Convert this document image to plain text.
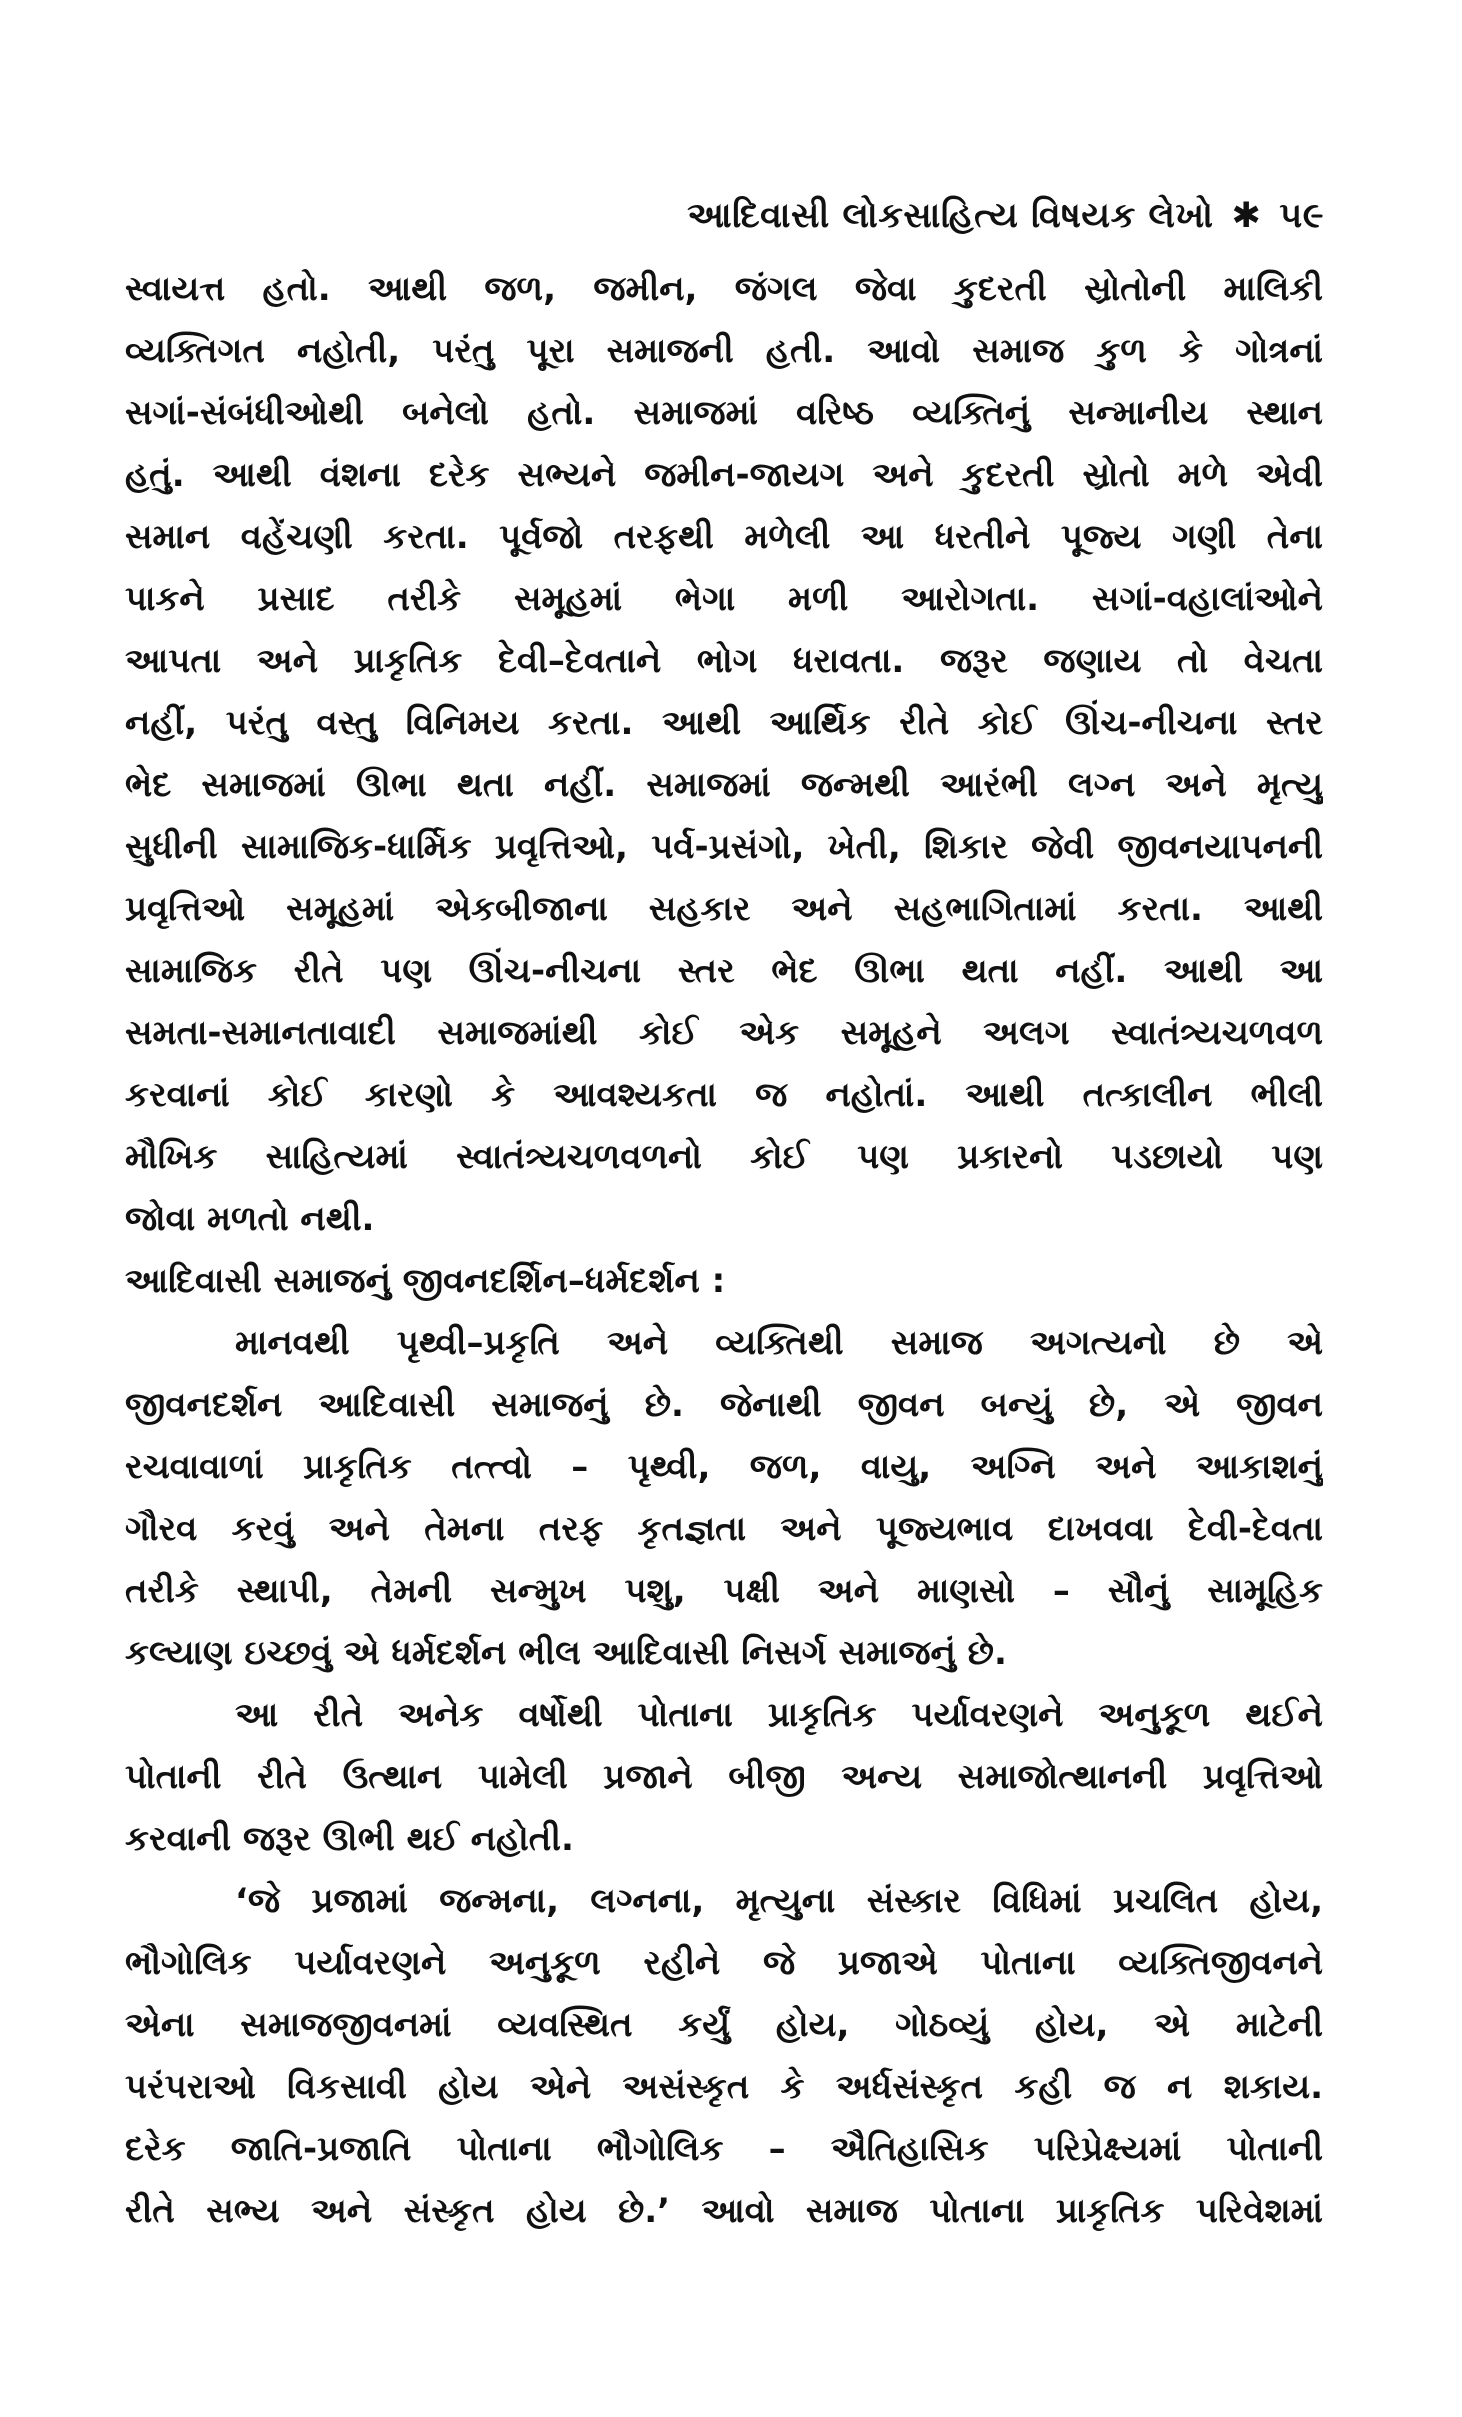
આદિવાસી લોકસાહિત્ય વિષયક લેખો ✱ ૫૯
સ્વાયત્ત હતો. આથી જળ, જમીન, જંગલ જેવા કુદરતી સ્રોતોની માલિકી
વ્યક્તિગત નહોતી, પરંતુ પૂરા સમાજની હતી. આવો સમાજ કુળ કે ગોત્રનાં
સગાં-સંબંધીઓથી બનેલો હતો. સમાજમાં વરિષ્ઠ વ્યક્તિનું સન્માનીય સ્થાન
હતું. આથી વંશના દરેક સભ્યને જમીન-જાયગ અને કુદરતી સ્રોતો મળે એવી
સમાન વહેંચણી કરતા. પૂર્વજો તરફથી મળેલી આ ધરતીને પૂજ્ય ગણી તેના
પાકને પ્રસાદ તરીકે સમૂહમાં ભેગા મળી આરોગતા. સગાં-વહાલાંઓને
આપતા અને પ્રાકૃતિક દેવી–દેવતાને ભોગ ધરાવતા. જરૂર જણાય તો વેચતા
નહીં, પરંતુ વસ્તુ વિનિમય કરતા. આથી આર્થિક રીતે કોઈ ઊંચ-નીચના સ્તર
ભેદ સમાજમાં ઊભા થતા નહીં. સમાજમાં જન્મથી આરંભી લગ્ન અને મૃત્યુ
સુધીની સામાજિક-ધાર્મિક પ્રવૃત્તિઓ, પર્વ-પ્રસંગો, ખેતી, શિકાર જેવી જીવનયાપનની
પ્રવૃત્તિઓ સમૂહમાં એકબીજાના સહકાર અને સહભાગિતામાં કરતા. આથી
સામાજિક રીતે પણ ઊંચ-નીચના સ્તર ભેદ ઊભા થતા નહીં. આથી આ
સમતા-સમાનતાવાદી સમાજમાંથી કોઈ એક સમૂહને અલગ સ્વાતંત્ર્યચળવળ
કરવાનાં કોઈ કારણો કે આવશ્યકતા જ નહોતાં. આથી તત્કાલીન ભીલી
મૌખિક સાહિત્યમાં સ્વાતંત્ર્યચળવળનો કોઈ પણ પ્રકારનો પડછાયો પણ
જોવા મળતો નથી.
આદિવાસી સમાજનું જીવનદર્શિન–ધર્મદર્શન :
માનવથી પૃથ્વી–પ્રકૃતિ અને વ્યક્તિથી સમાજ અગત્યનો છે એ
જીવનદર્શન આદિવાસી સમાજનું છે. જેનાથી જીવન બન્યું છે, એ જીવન
રચવાવાળાં પ્રાકૃતિક તત્ત્વો – પૃથ્વી, જળ, વાયુ, અગ્નિ અને આકાશનું
ગૌરવ કરવું અને તેમના તરફ કૃતજ્ઞતા અને પૂજ્યભાવ દાખવવા દેવી-દેવતા
તરીકે સ્થાપી, તેમની સન્મુખ પશુ, પક્ષી અને માણસો – સૌનું સામૂહિક
કલ્યાણ ઇચ્છવું એ ધર્મદર્શન ભીલ આદિવાસી નિસર્ગ સમાજનું છે.
આ રીતે અનેક વર્ષોથી પોતાના પ્રાકૃતિક પર્યાવરણને અનુકૂળ થઈને
પોતાની રીતે ઉત્થાન પામેલી પ્રજાને બીજી અન્ય સમાજોત્થાનની પ્રવૃત્તિઓ
કરવાની જરૂર ઊભી થઈ નહોતી.
‘જે પ્રજામાં જન્મના, લગ્નના, મૃત્યુના સંસ્કાર વિધિમાં પ્રચલિત હોય,
ભૌગોલિક પર્યાવરણને અનુકૂળ રહીને જે પ્રજાએ પોતાના વ્યક્તિજીવનને
એના સમાજજીવનમાં વ્યવસ્થિત કર્યું હોય, ગોઠવ્યું હોય, એ માટેની
પરંપરાઓ વિકસાવી હોય એને અસંસ્કૃત કે અર્ધસંસ્કૃત કહી જ ન શકાય.
દરેક જાતિ-પ્રજાતિ પોતાના ભૌગોલિક – ઐતિહાસિક પરિપ્રેક્ષ્યમાં પોતાની
રીતે સભ્ય અને સંસ્કૃત હોય છે.’ આવો સમાજ પોતાના પ્રાકૃતિક પરિવેશમાં
